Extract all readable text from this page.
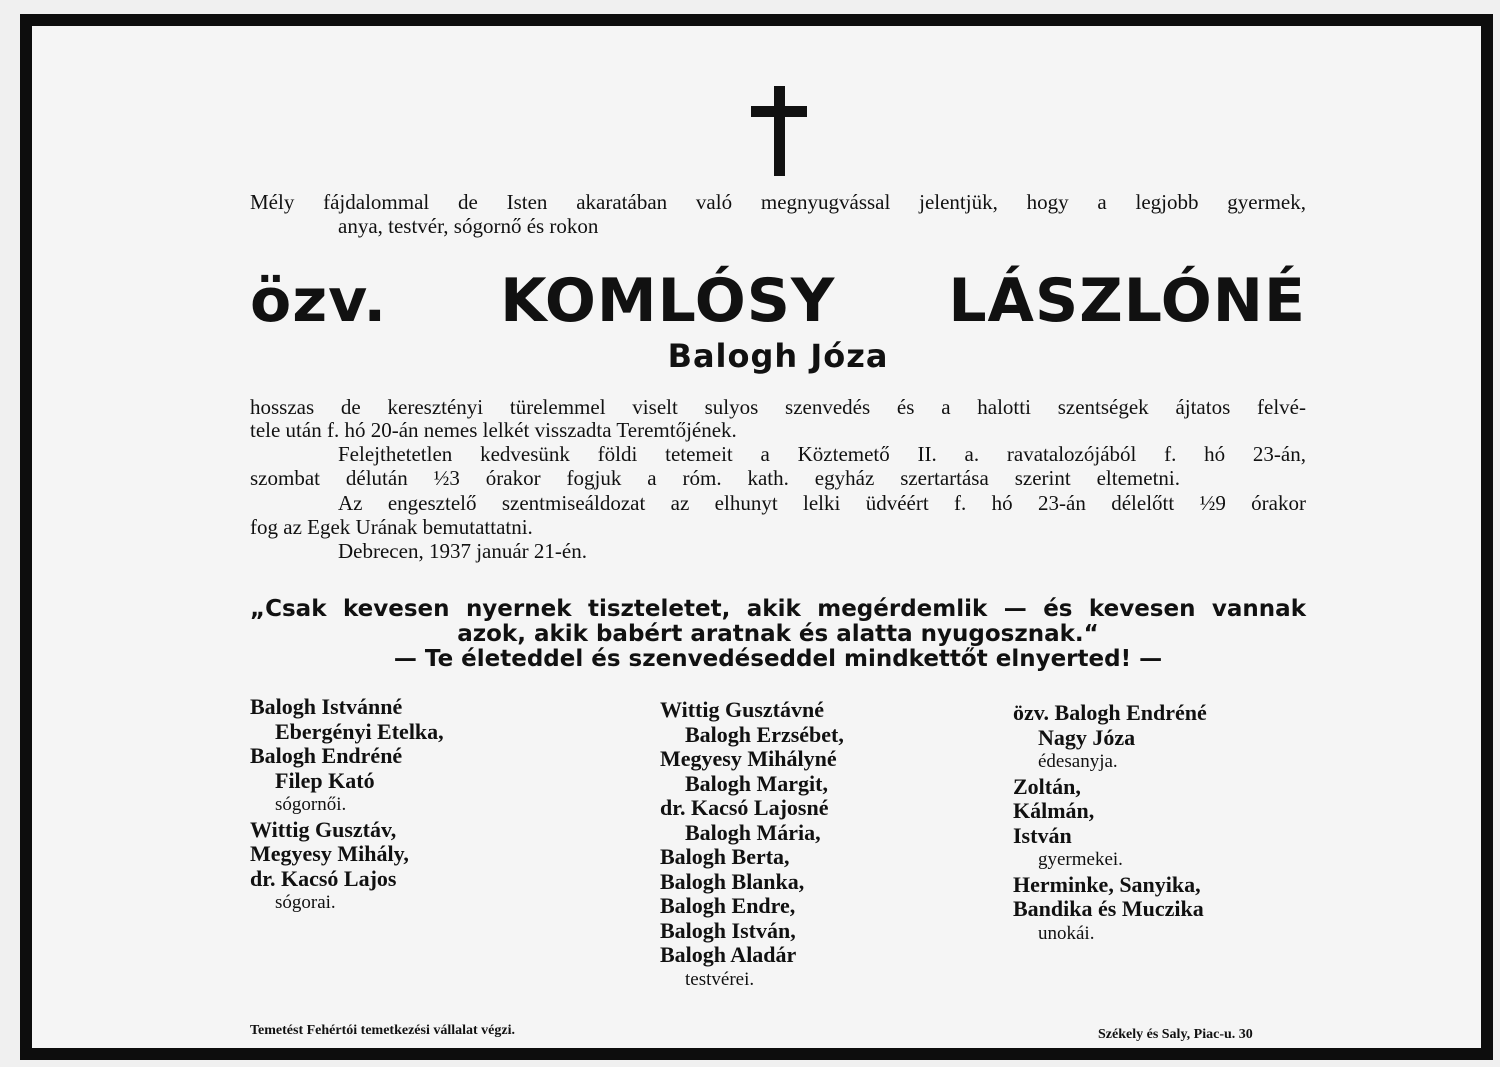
Mély fájdalommal de Isten akaratában való megnyugvással jelentjük, hogy a legjobb gyermek,
anya, testvér, sógornő és rokon
özv. KOMLÓSY LÁSZLÓNÉ
Balogh Józa
hosszas de keresztényi türelemmel viselt sulyos szenvedés és a halotti szentségek ájtatos felvé-
tele után f. hó 20-án nemes lelkét visszadta Teremtőjének.
Felejthetetlen kedvesünk földi tetemeit a Köztemető II. a. ravatalozójából f. hó 23-án,
szombat délután ½3 órakor fogjuk a róm. kath. egyház szertartása szerint eltemetni.
Az engesztelő szentmiseáldozat az elhunyt lelki üdvéért f. hó 23-án délelőtt ½9 órakor
fog az Egek Urának bemutattatni.
Debrecen, 1937 január 21-én.
„Csak kevesen nyernek tiszteletet, akik megérdemlik — és kevesen vannak
azok, akik babért aratnak és alatta nyugosznak.“
— Te életeddel és szenvedéseddel mindkettőt elnyerted! —
Balogh Istvánné
Ebergényi Etelka,
Balogh Endréné
Filep Kató
sógornői.
Wittig Gusztáv,
Megyesy Mihály,
dr. Kacsó Lajos
sógorai.
Wittig Gusztávné
Balogh Erzsébet,
Megyesy Mihályné
Balogh Margit,
dr. Kacsó Lajosné
Balogh Mária,
Balogh Berta,
Balogh Blanka,
Balogh Endre,
Balogh István,
Balogh Aladár
testvérei.
özv. Balogh Endréné
Nagy Józa
édesanyja.
Zoltán,
Kálmán,
István
gyermekei.
Herminke, Sanyika,
Bandika és Muczika
unokái.
Temetést Fehértói temetkezési vállalat végzi.	Székely és Saly, Piac-u. 30
